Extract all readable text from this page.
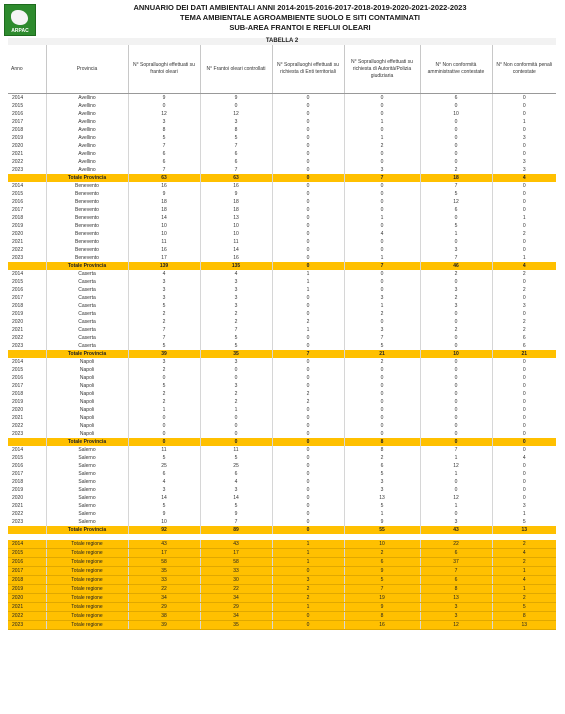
ARPAC
ANNUARIO DEI DATI AMBIENTALI ANNI 2014-2015-2016-2017-2018-2019-2020-2021-2022-2023
TEMA AMBIENTALE AGROAMBIENTE SUOLO E SITI CONTAMINATI
SUB-AREA FRANTOI E REFLUI OLEARI
TABELLA 2
Anno	Provincia	N° Sopralluoghi effettuati su frantoi oleari	N° Frantoi oleari controllati	N° Sopralluoghi effettuati su richiesta di Enti territoriali	N° Sopralluoghi effettuati su richiesta di Autorità/Polizia giudiziaria	N° Non conformità amministrative contestate	N° Non conformità penali contestate
2014	Avellino	9	9	0	0	6	0
2015	Avellino	0	0	0	0	0	0
2016	Avellino	12	12	0	0	10	0
2017	Avellino	3	3	0	1	0	1
2018	Avellino	8	8	0	0	0	0
2019	Avellino	5	5	0	1	0	3
2020	Avellino	7	7	0	2	0	0
2021	Avellino	6	6	0	0	0	0
2022	Avellino	6	6	0	0	0	3
2023	Avellino	7	7	0	3	2	3
	Totale Provincia	63	63	0	7	18	4
2014	Benevento	16	16	0	0	7	0
2015	Benevento	9	9	0	0	5	0
2016	Benevento	18	18	0	0	12	0
2017	Benevento	18	18	0	0	6	0
2018	Benevento	14	13	0	1	0	1
2019	Benevento	10	10	0	0	5	0
2020	Benevento	10	10	0	4	1	2
2021	Benevento	11	11	0	0	0	0
2022	Benevento	16	14	0	0	3	0
2023	Benevento	17	16	0	1	7	1
	Totale Provincia	139	135	0	7	46	4
2014	Caserta	4	4	1	0	2	2
2015	Caserta	3	3	1	0	0	0
2016	Caserta	3	3	1	0	3	2
2017	Caserta	3	3	0	3	2	0
2018	Caserta	5	3	0	1	3	3
2019	Caserta	2	2	0	2	0	0
2020	Caserta	2	2	2	0	0	2
2021	Caserta	7	7	1	3	2	2
2022	Caserta	7	5	0	7	0	6
2023	Caserta	5	5	0	5	0	6
	Totale Provincia	39	35	7	21	10	21
2014	Napoli	3	3	0	2	0	0
2015	Napoli	2	0	0	0	0	0
2016	Napoli	0	0	0	0	0	0
2017	Napoli	5	3	0	0	0	0
2018	Napoli	2	2	2	0	0	0
2019	Napoli	2	2	2	0	0	0
2020	Napoli	1	1	0	0	0	0
2021	Napoli	0	0	0	0	0	0
2022	Napoli	0	0	0	0	0	0
2023	Napoli	0	0	0	0	0	0
	Totale Provincia	0	0	0	8	0	0
2014	Salerno	11	11	0	8	7	0
2015	Salerno	5	5	0	2	1	4
2016	Salerno	25	25	0	6	12	0
2017	Salerno	6	6	0	5	1	0
2018	Salerno	4	4	0	3	0	0
2019	Salerno	3	3	0	3	0	0
2020	Salerno	14	14	0	13	12	0
2021	Salerno	5	5	0	5	1	3
2022	Salerno	9	9	0	1	0	1
2023	Salerno	10	7	0	9	3	5
	Totale Provincia	92	89	0	55	43	13

2014	Totale regione	43	43	1	10	22	2
2015	Totale regione	17	17	1	2	6	4
2016	Totale regione	58	58	1	6	37	2
2017	Totale regione	35	33	0	9	7	1
2018	Totale regione	33	30	3	5	6	4
2019	Totale regione	22	22	2	7	8	1
2020	Totale regione	34	34	2	19	13	2
2021	Totale regione	29	29	1	9	3	5
2022	Totale regione	38	34	0	8	3	8
2023	Totale regione	39	35	0	16	12	13
